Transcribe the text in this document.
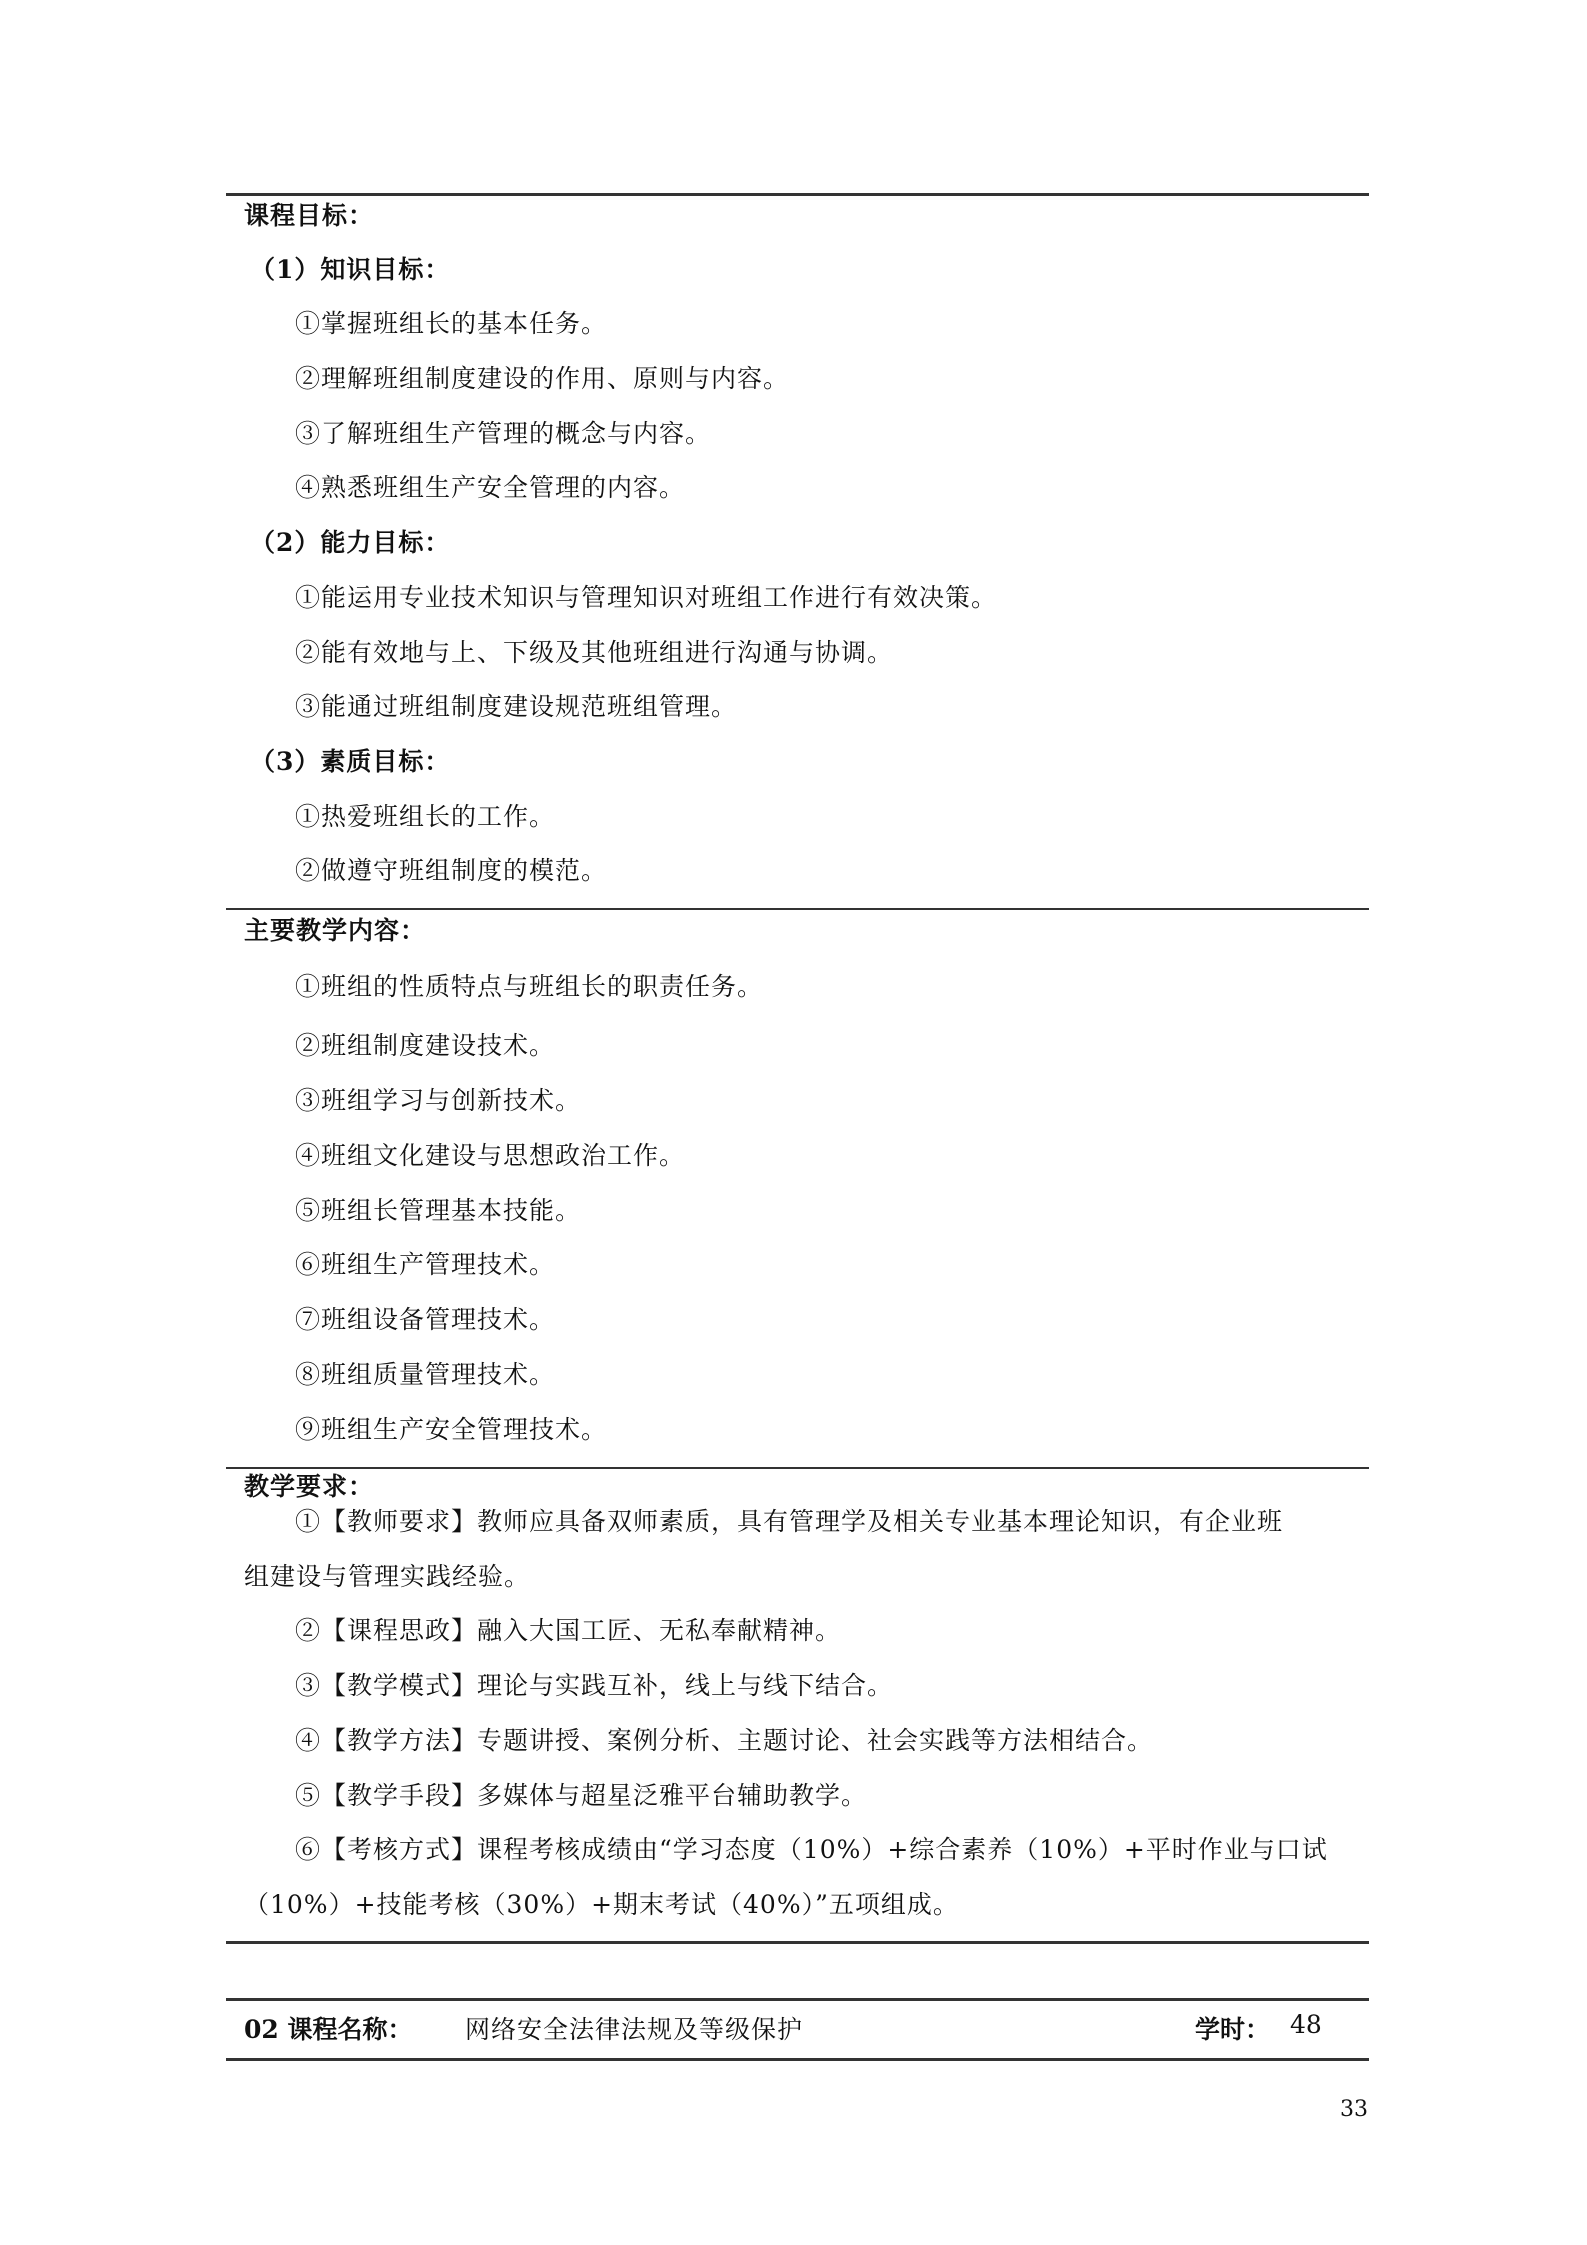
课程目标：
（1）知识目标：
①掌握班组长的基本任务。
②理解班组制度建设的作用、原则与内容。
③了解班组生产管理的概念与内容。
④熟悉班组生产安全管理的内容。
（2）能力目标：
①能运用专业技术知识与管理知识对班组工作进行有效决策。
②能有效地与上、下级及其他班组进行沟通与协调。
③能通过班组制度建设规范班组管理。
（3）素质目标：
①热爱班组长的工作。
②做遵守班组制度的模范。
主要教学内容：
①班组的性质特点与班组长的职责任务。
②班组制度建设技术。
③班组学习与创新技术。
④班组文化建设与思想政治工作。
⑤班组长管理基本技能。
⑥班组生产管理技术。
⑦班组设备管理技术。
⑧班组质量管理技术。
⑨班组生产安全管理技术。
教学要求：
①【教师要求】教师应具备双师素质，具有管理学及相关专业基本理论知识，有企业班
组建设与管理实践经验。
②【课程思政】融入大国工匠、无私奉献精神。
③【教学模式】理论与实践互补，线上与线下结合。
④【教学方法】专题讲授、案例分析、主题讨论、社会实践等方法相结合。
⑤【教学手段】多媒体与超星泛雅平台辅助教学。
⑥【考核方式】课程考核成绩由“学习态度（10%）+综合素养（10%）+平时作业与口试
（10%）+技能考核（30%）+期末考试（40%）”五项组成。
02 课程名称： 网络安全法律法规及等级保护	学时： 48
33
